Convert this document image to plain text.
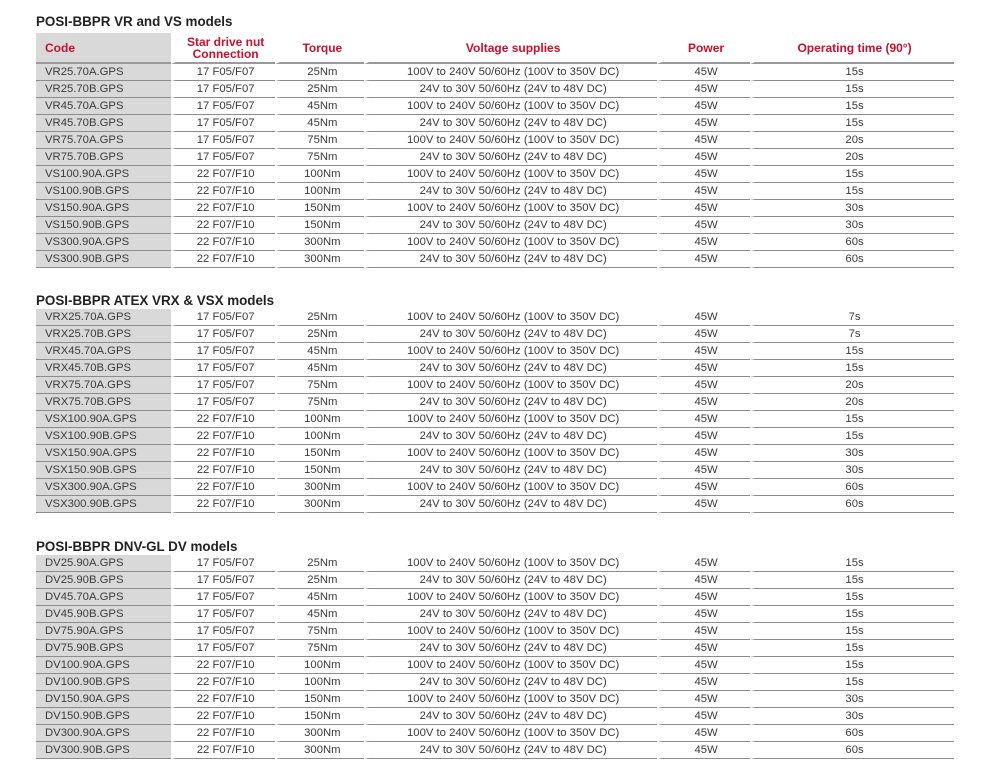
POSI-BBPR VR and VS models
Code	Star drive nut Connection	Torque	Voltage supplies	Power	Operating time (90°)
VR25.70A.GPS	17 F05/F07	25Nm	100V to 240V 50/60Hz (100V to 350V DC)	45W	15s
VR25.70B.GPS	17 F05/F07	25Nm	24V to 30V 50/60Hz (24V to 48V DC)	45W	15s
VR45.70A.GPS	17 F05/F07	45Nm	100V to 240V 50/60Hz (100V to 350V DC)	45W	15s
VR45.70B.GPS	17 F05/F07	45Nm	24V to 30V 50/60Hz (24V to 48V DC)	45W	15s
VR75.70A.GPS	17 F05/F07	75Nm	100V to 240V 50/60Hz (100V to 350V DC)	45W	20s
VR75.70B.GPS	17 F05/F07	75Nm	24V to 30V 50/60Hz (24V to 48V DC)	45W	20s
VS100.90A.GPS	22 F07/F10	100Nm	100V to 240V 50/60Hz (100V to 350V DC)	45W	15s
VS100.90B.GPS	22 F07/F10	100Nm	24V to 30V 50/60Hz (24V to 48V DC)	45W	15s
VS150.90A.GPS	22 F07/F10	150Nm	100V to 240V 50/60Hz (100V to 350V DC)	45W	30s
VS150.90B.GPS	22 F07/F10	150Nm	24V to 30V 50/60Hz (24V to 48V DC)	45W	30s
VS300.90A.GPS	22 F07/F10	300Nm	100V to 240V 50/60Hz (100V to 350V DC)	45W	60s
VS300.90B.GPS	22 F07/F10	300Nm	24V to 30V 50/60Hz (24V to 48V DC)	45W	60s
POSI-BBPR ATEX VRX & VSX models
VRX25.70A.GPS	17 F05/F07	25Nm	100V to 240V 50/60Hz (100V to 350V DC)	45W	7s
VRX25.70B.GPS	17 F05/F07	25Nm	24V to 30V 50/60Hz (24V to 48V DC)	45W	7s
VRX45.70A.GPS	17 F05/F07	45Nm	100V to 240V 50/60Hz (100V to 350V DC)	45W	15s
VRX45.70B.GPS	17 F05/F07	45Nm	24V to 30V 50/60Hz (24V to 48V DC)	45W	15s
VRX75.70A.GPS	17 F05/F07	75Nm	100V to 240V 50/60Hz (100V to 350V DC)	45W	20s
VRX75.70B.GPS	17 F05/F07	75Nm	24V to 30V 50/60Hz (24V to 48V DC)	45W	20s
VSX100.90A.GPS	22 F07/F10	100Nm	100V to 240V 50/60Hz (100V to 350V DC)	45W	15s
VSX100.90B.GPS	22 F07/F10	100Nm	24V to 30V 50/60Hz (24V to 48V DC)	45W	15s
VSX150.90A.GPS	22 F07/F10	150Nm	100V to 240V 50/60Hz (100V to 350V DC)	45W	30s
VSX150.90B.GPS	22 F07/F10	150Nm	24V to 30V 50/60Hz (24V to 48V DC)	45W	30s
VSX300.90A.GPS	22 F07/F10	300Nm	100V to 240V 50/60Hz (100V to 350V DC)	45W	60s
VSX300.90B.GPS	22 F07/F10	300Nm	24V to 30V 50/60Hz (24V to 48V DC)	45W	60s
POSI-BBPR DNV-GL DV models
DV25.90A.GPS	17 F05/F07	25Nm	100V to 240V 50/60Hz (100V to 350V DC)	45W	15s
DV25.90B.GPS	17 F05/F07	25Nm	24V to 30V 50/60Hz (24V to 48V DC)	45W	15s
DV45.70A.GPS	17 F05/F07	45Nm	100V to 240V 50/60Hz (100V to 350V DC)	45W	15s
DV45.90B.GPS	17 F05/F07	45Nm	24V to 30V 50/60Hz (24V to 48V DC)	45W	15s
DV75.90A.GPS	17 F05/F07	75Nm	100V to 240V 50/60Hz (100V to 350V DC)	45W	15s
DV75.90B.GPS	17 F05/F07	75Nm	24V to 30V 50/60Hz (24V to 48V DC)	45W	15s
DV100.90A.GPS	22 F07/F10	100Nm	100V to 240V 50/60Hz (100V to 350V DC)	45W	15s
DV100.90B.GPS	22 F07/F10	100Nm	24V to 30V 50/60Hz (24V to 48V DC)	45W	15s
DV150.90A.GPS	22 F07/F10	150Nm	100V to 240V 50/60Hz (100V to 350V DC)	45W	30s
DV150.90B.GPS	22 F07/F10	150Nm	24V to 30V 50/60Hz (24V to 48V DC)	45W	30s
DV300.90A.GPS	22 F07/F10	300Nm	100V to 240V 50/60Hz (100V to 350V DC)	45W	60s
DV300.90B.GPS	22 F07/F10	300Nm	24V to 30V 50/60Hz (24V to 48V DC)	45W	60s
